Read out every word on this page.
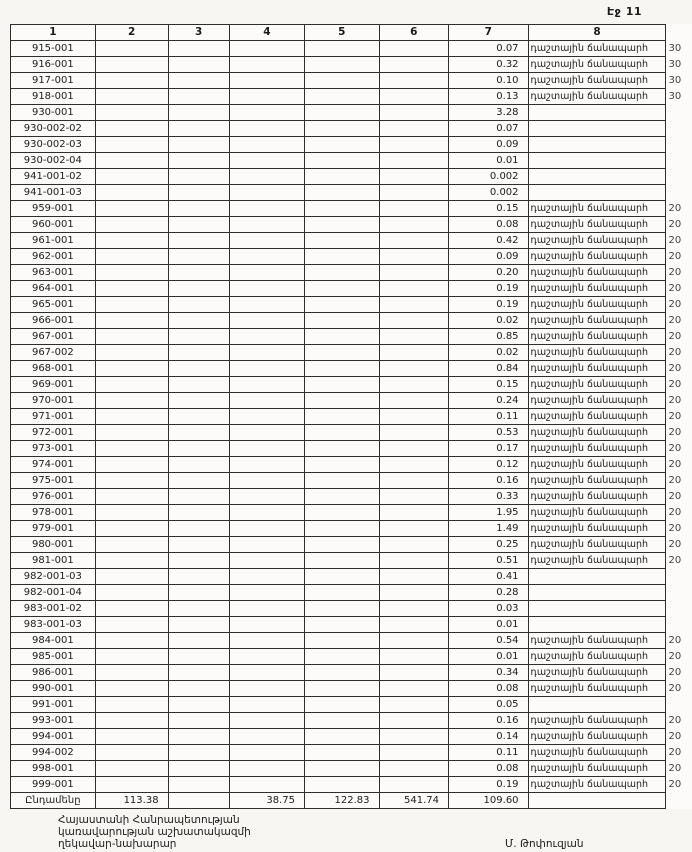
Էջ 11
1	2	3	4	5	6	7	8	
915-001						0.07	դաշտային ճանապարհ	30
916-001						0.32	դաշտային ճանապարհ	30
917-001						0.10	դաշտային ճանապարհ	30
918-001						0.13	դաշտային ճանապարհ	30
930-001						3.28		
930-002-02						0.07		
930-002-03						0.09		
930-002-04						0.01		
941-001-02						0.002		
941-001-03						0.002		
959-001						0.15	դաշտային ճանապարհ	20
960-001						0.08	դաշտային ճանապարհ	20
961-001						0.42	դաշտային ճանապարհ	20
962-001						0.09	դաշտային ճանապարհ	20
963-001						0.20	դաշտային ճանապարհ	20
964-001						0.19	դաշտային ճանապարհ	20
965-001						0.19	դաշտային ճանապարհ	20
966-001						0.02	դաշտային ճանապարհ	20
967-001						0.85	դաշտային ճանապարհ	20
967-002						0.02	դաշտային ճանապարհ	20
968-001						0.84	դաշտային ճանապարհ	20
969-001						0.15	դաշտային ճանապարհ	20
970-001						0.24	դաշտային ճանապարհ	20
971-001						0.11	դաշտային ճանապարհ	20
972-001						0.53	դաշտային ճանապարհ	20
973-001						0.17	դաշտային ճանապարհ	20
974-001						0.12	դաշտային ճանապարհ	20
975-001						0.16	դաշտային ճանապարհ	20
976-001						0.33	դաշտային ճանապարհ	20
978-001						1.95	դաշտային ճանապարհ	20
979-001						1.49	դաշտային ճանապարհ	20
980-001						0.25	դաշտային ճանապարհ	20
981-001						0.51	դաշտային ճանապարհ	20
982-001-03						0.41		
982-001-04						0.28		
983-001-02						0.03		
983-001-03						0.01		
984-001						0.54	դաշտային ճանապարհ	20
985-001						0.01	դաշտային ճանապարհ	20
986-001						0.34	դաշտային ճանապարհ	20
990-001						0.08	դաշտային ճանապարհ	20
991-001						0.05		
993-001						0.16	դաշտային ճանապարհ	20
994-001						0.14	դաշտային ճանապարհ	20
994-002						0.11	դաշտային ճանապարհ	20
998-001						0.08	դաշտային ճանապարհ	20
999-001						0.19	դաշտային ճանապարհ	20
Ընդամենը	113.38		38.75	122.83	541.74	109.60		
Հայաստանի Հանրապետության
կառավարության աշխատակազմի
ղեկավար-նախարար	Մ. Թոփուզյան
